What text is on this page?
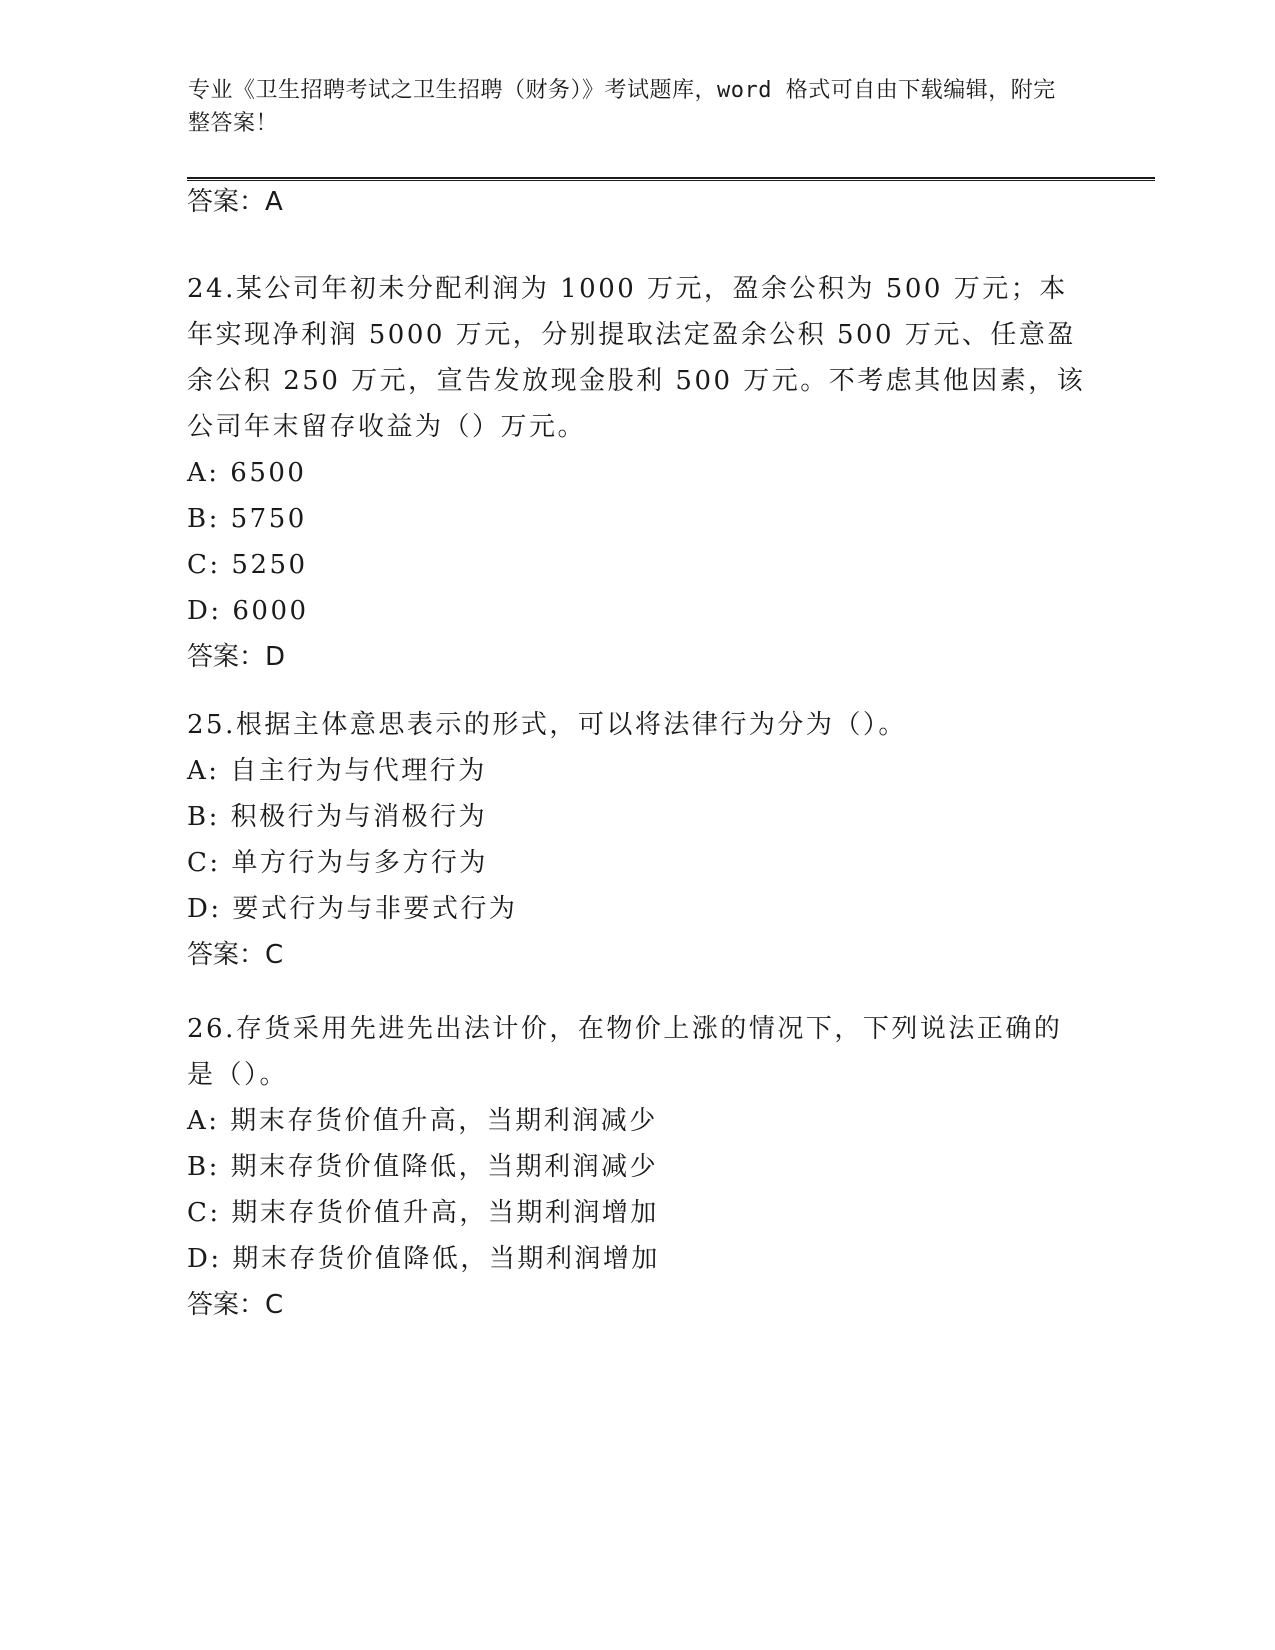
专业《卫生招聘考试之卫生招聘（财务）》考试题库，word 格式可自由下载编辑，附完整答案！
答案：A
24.某公司年初未分配利润为 1000 万元，盈余公积为 500 万元；本年实现净利润 5000 万元，分别提取法定盈余公积 500 万元、任意盈余公积 250 万元，宣告发放现金股利 500 万元。不考虑其他因素，该公司年末留存收益为（）万元。
A: 6500
B: 5750
C: 5250
D: 6000
答案：D
25.根据主体意思表示的形式，可以将法律行为分为（）。
A: 自主行为与代理行为
B: 积极行为与消极行为
C: 单方行为与多方行为
D: 要式行为与非要式行为
答案：C
26.存货采用先进先出法计价，在物价上涨的情况下，下列说法正确的是（）。
A: 期末存货价值升高，当期利润减少
B: 期末存货价值降低，当期利润减少
C: 期末存货价值升高，当期利润增加
D: 期末存货价值降低，当期利润增加
答案：C
